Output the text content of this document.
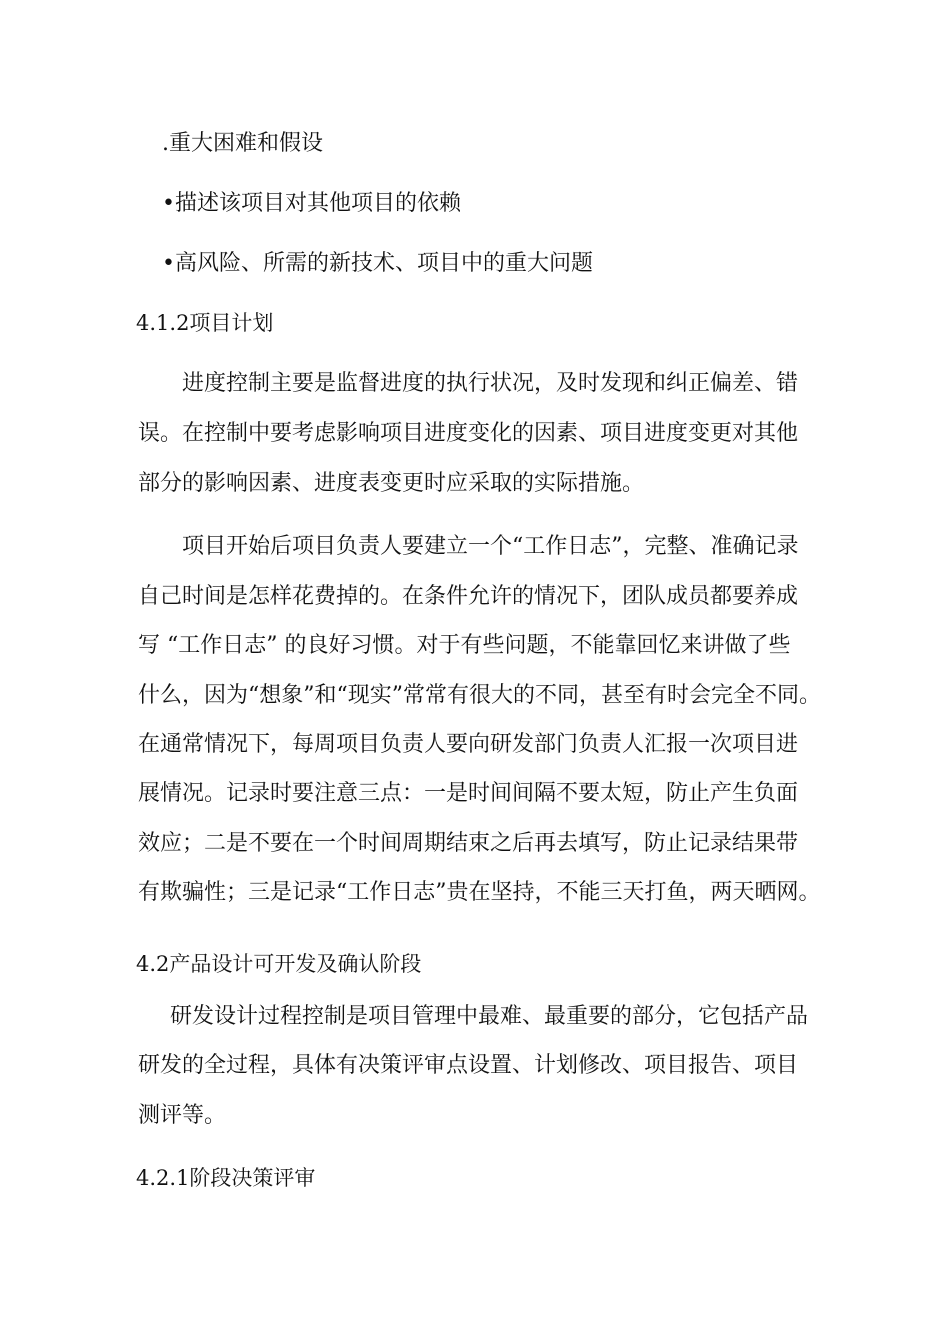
.重大困难和假设
•描述该项目对其他项目的依赖
•高风险、所需的新技术、项目中的重大问题
4.1.2项目计划
进度控制主要是监督进度的执行状况，及时发现和纠正偏差、错
误。在控制中要考虑影响项目进度变化的因素、项目进度变更对其他
部分的影响因素、进度表变更时应采取的实际措施。
项目开始后项目负责人要建立一个“工作日志”，完整、准确记录
自己时间是怎样花费掉的。在条件允许的情况下，团队成员都要养成
写 “工作日志” 的良好习惯。对于有些问题，不能靠回忆来讲做了些
什么，因为“想象”和“现实”常常有很大的不同，甚至有时会完全不同。
在通常情况下，每周项目负责人要向研发部门负责人汇报一次项目进
展情况。记录时要注意三点：一是时间间隔不要太短，防止产生负面
效应；二是不要在一个时间周期结束之后再去填写，防止记录结果带
有欺骗性；三是记录“工作日志”贵在坚持，不能三天打鱼，两天晒网。
4.2产品设计可开发及确认阶段
研发设计过程控制是项目管理中最难、最重要的部分，它包括产品
研发的全过程，具体有决策评审点设置、计划修改、项目报告、项目
测评等。
4.2.1阶段决策评审
